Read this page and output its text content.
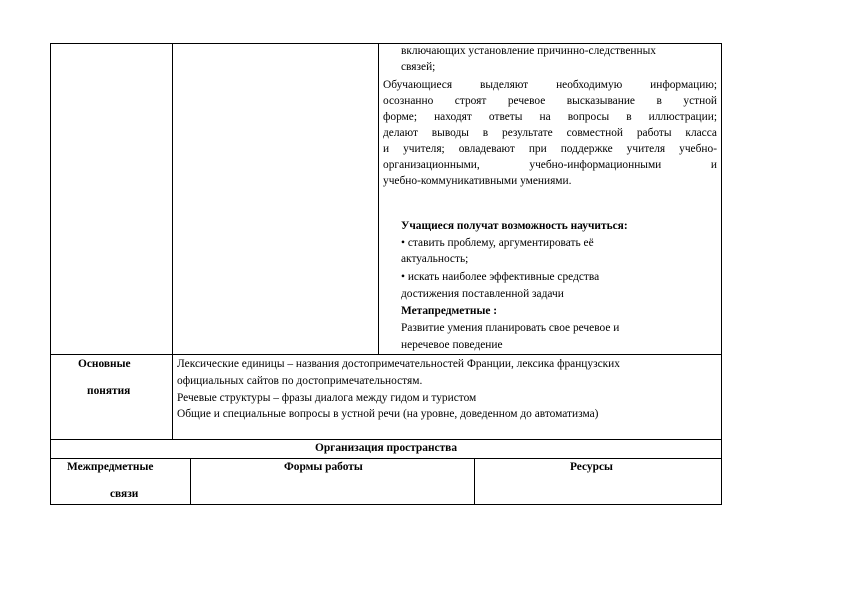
включающих установление причинно-следственных
связей;
Обучающиеся выделяют необходимую информацию;
осознанно строят речевое высказывание в устной
форме; находят ответы на вопросы в иллюстрации;
делают выводы в результате совместной работы класса
и учителя; овладевают при поддержке учителя учебно-
организационными, учебно-информационными и
учебно-коммуникативными умениями.
Учащиеся получат возможность научиться:
• ставить проблему, аргументировать её
актуальность;
• искать наиболее эффективные средства
достижения поставленной задачи
Метапредметные :
Развитие умения планировать свое речевое и
неречевое поведение
Основные
понятия
Лексические единицы – названия достопримечательностей Франции, лексика французских
официальных сайтов по достопримечательностям.
Речевые структуры – фразы диалога между гидом и туристом
Общие и специальные вопросы в устной речи (на уровне, доведенном до автоматизма)
Организация пространства
Межпредметные
связи
Формы работы	Ресурсы
